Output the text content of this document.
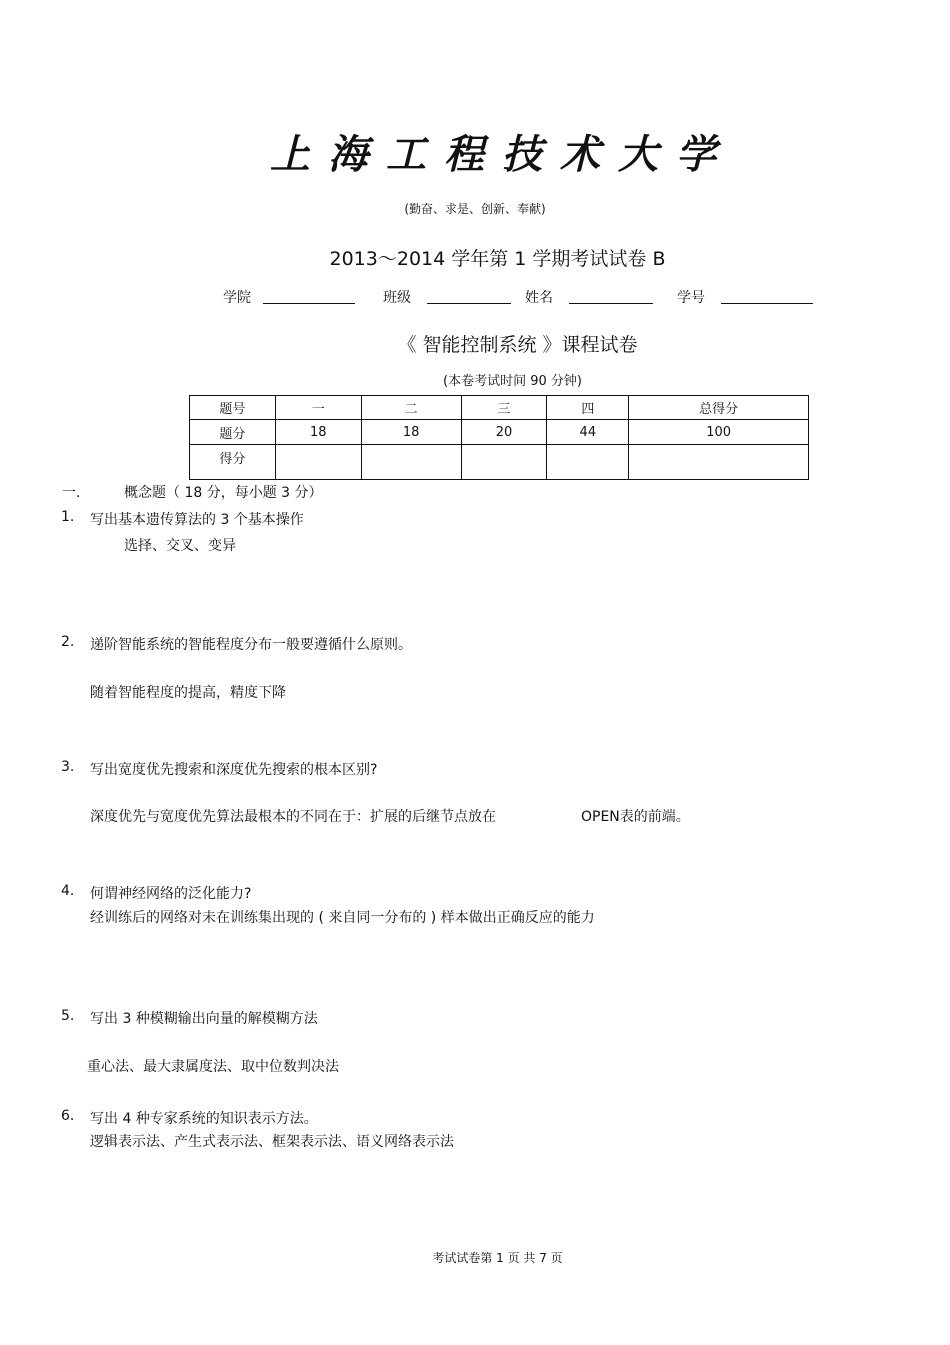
上海工程技术大学
(勤奋、求是、创新、奉献)
2013～2014 学年第 1 学期考试试卷 B
学院	班级	姓名	学号
《 智能控制系统 》课程试卷
(本卷考试时间 90 分钟)
题号	一	二	三	四	总得分
题分	18	18	20	44	100
得分					
一.	概念题（ 18 分，每小题 3 分）
1. 写出基本遗传算法的 3 个基本操作
选择、交叉、变异
2. 递阶智能系统的智能程度分布一般要遵循什么原则。
随着智能程度的提高，精度下降
3. 写出宽度优先搜索和深度优先搜索的根本区别?
深度优先与宽度优先算法最根本的不同在于：扩展的后继节点放在	OPEN表的前端。
4. 何谓神经网络的泛化能力?
经训练后的网络对未在训练集出现的 ( 来自同一分布的 ) 样本做出正确反应的能力
5. 写出 3 种模糊输出向量的解模糊方法
重心法、最大隶属度法、取中位数判决法
6. 写出 4 种专家系统的知识表示方法。
逻辑表示法、产生式表示法、框架表示法、语义网络表示法
考试试卷第 1 页 共 7 页
